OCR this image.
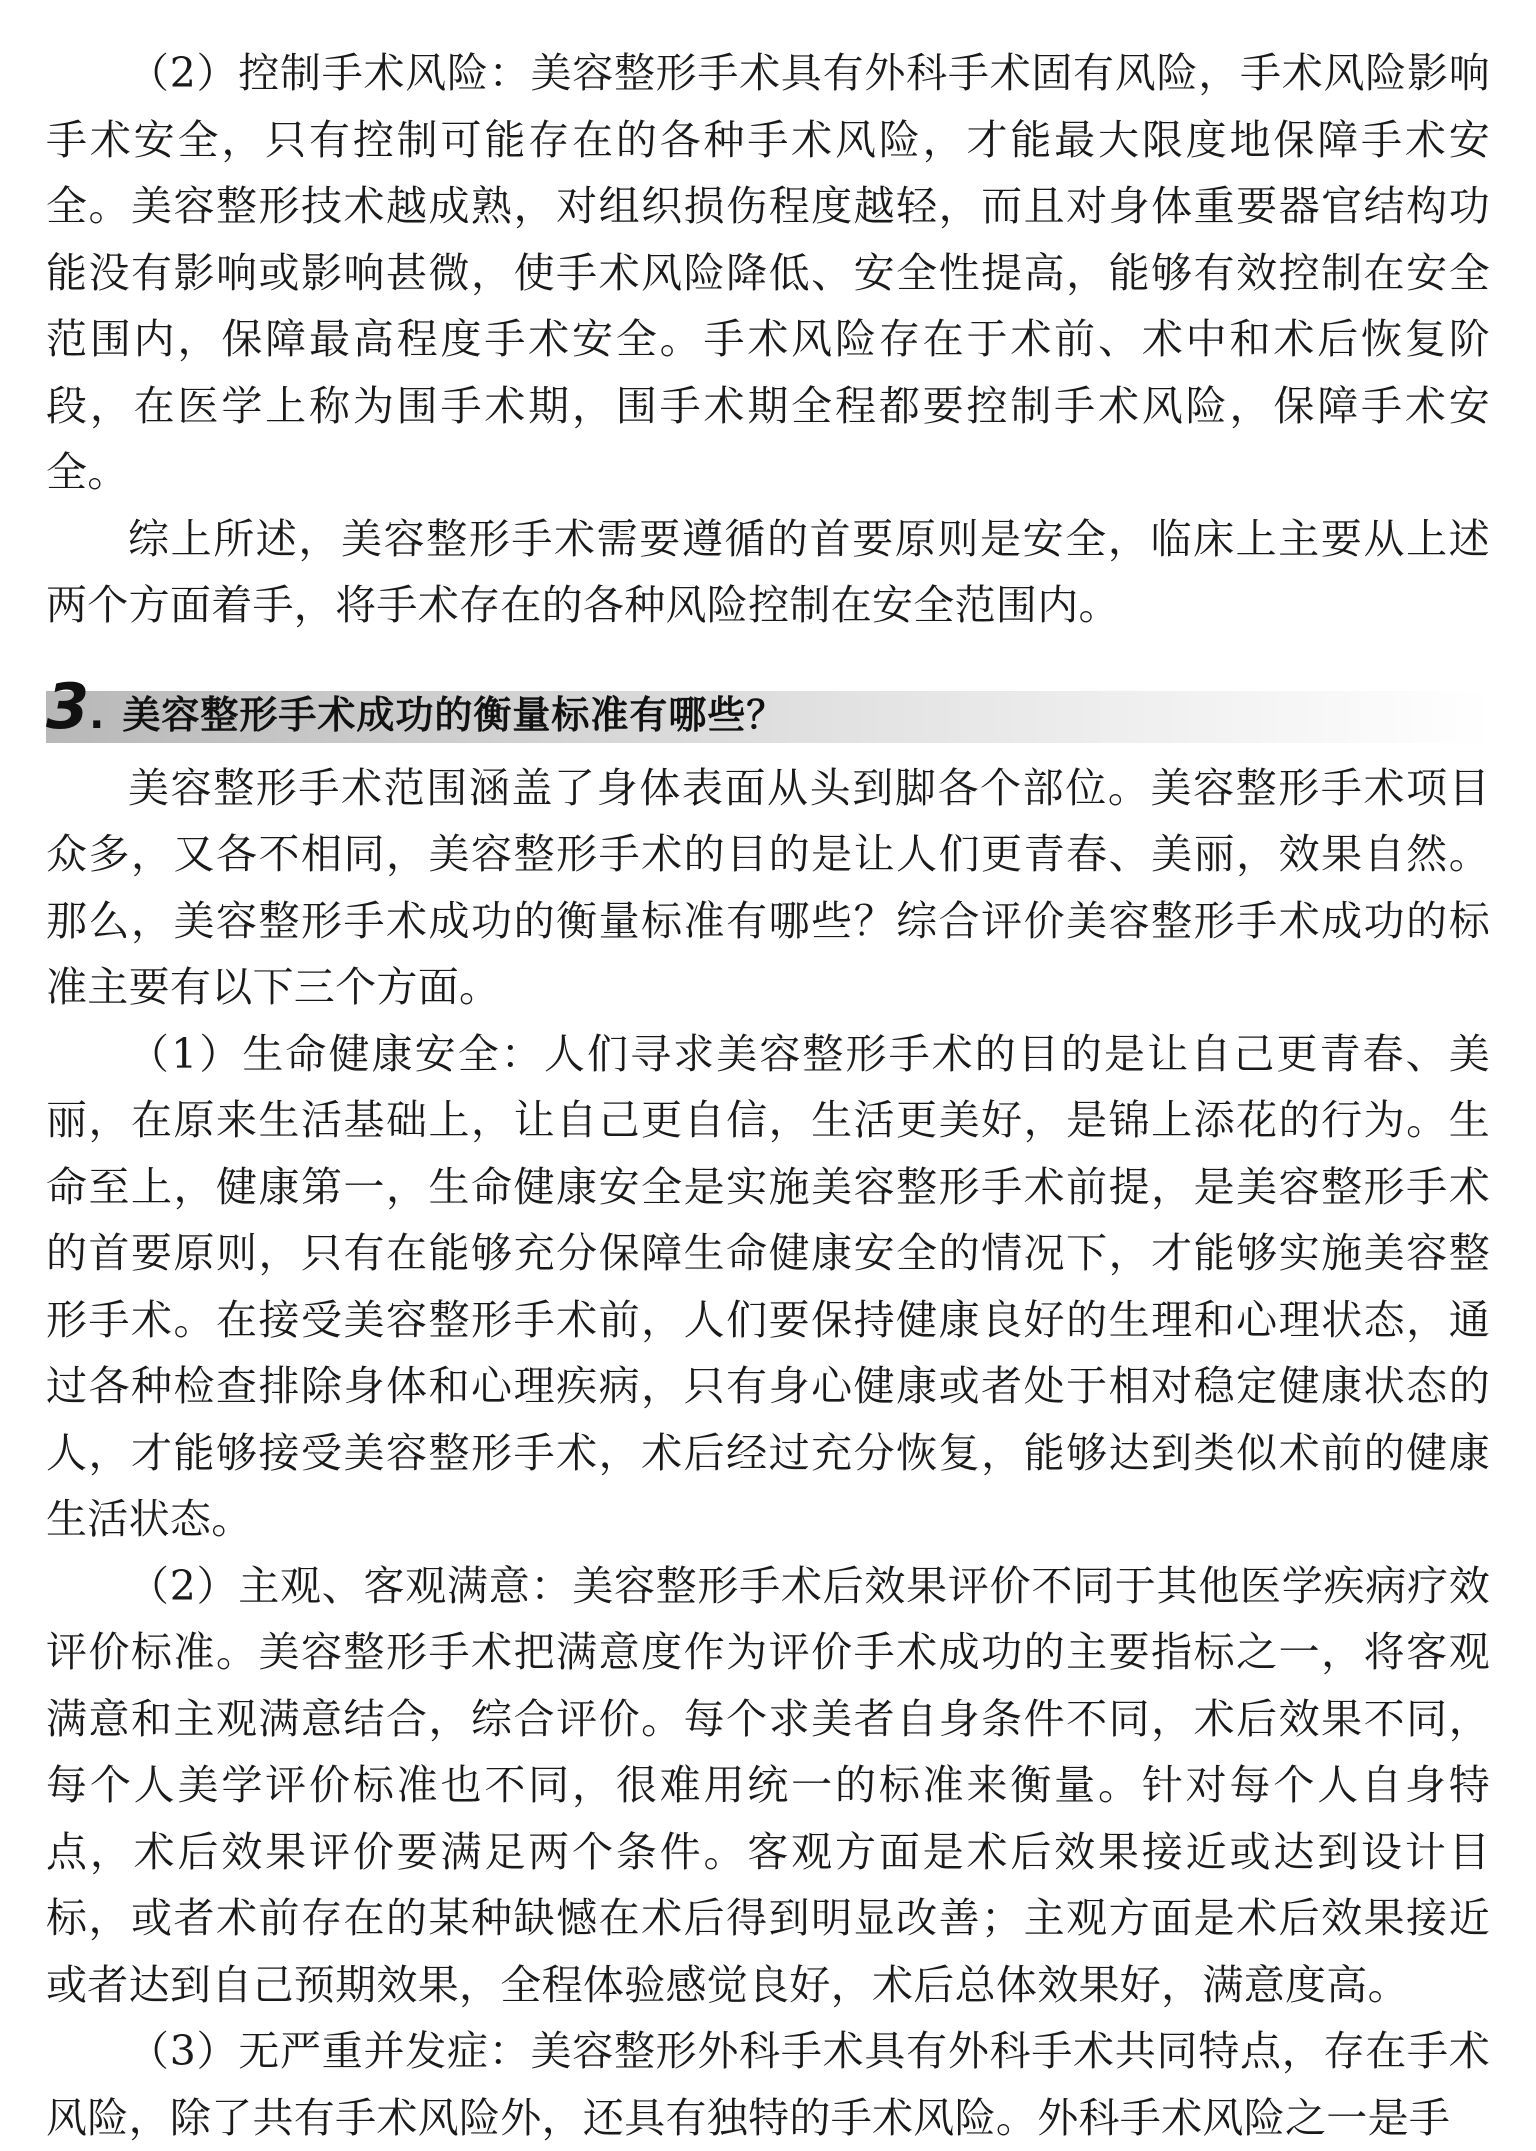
（2）控制手术风险：美容整形手术具有外科手术固有风险，手术风险影响手术安全，只有控制可能存在的各种手术风险，才能最大限度地保障手术安全。美容整形技术越成熟，对组织损伤程度越轻，而且对身体重要器官结构功能没有影响或影响甚微，使手术风险降低、安全性提高，能够有效控制在安全范围内，保障最高程度手术安全。手术风险存在于术前、术中和术后恢复阶段，在医学上称为围手术期，围手术期全程都要控制手术风险，保障手术安全。

综上所述，美容整形手术需要遵循的首要原则是安全，临床上主要从上述两个方面着手，将手术存在的各种风险控制在安全范围内。

3 . 美容整形手术成功的衡量标准有哪些？

美容整形手术范围涵盖了身体表面从头到脚各个部位。美容整形手术项目众多，又各不相同，美容整形手术的目的是让人们更青春、美丽，效果自然。那么，美容整形手术成功的衡量标准有哪些？综合评价美容整形手术成功的标准主要有以下三个方面。

（1）生命健康安全：人们寻求美容整形手术的目的是让自己更青春、美丽，在原来生活基础上，让自己更自信，生活更美好，是锦上添花的行为。生命至上，健康第一，生命健康安全是实施美容整形手术前提，是美容整形手术的首要原则，只有在能够充分保障生命健康安全的情况下，才能够实施美容整形手术。在接受美容整形手术前，人们要保持健康良好的生理和心理状态，通过各种检查排除身体和心理疾病，只有身心健康或者处于相对稳定健康状态的人，才能够接受美容整形手术，术后经过充分恢复，能够达到类似术前的健康生活状态。

（2）主观、客观满意：美容整形手术后效果评价不同于其他医学疾病疗效评价标准。美容整形手术把满意度作为评价手术成功的主要指标之一，将客观满意和主观满意结合，综合评价。每个求美者自身条件不同，术后效果不同，每个人美学评价标准也不同，很难用统一的标准来衡量。针对每个人自身特点，术后效果评价要满足两个条件。客观方面是术后效果接近或达到设计目标，或者术前存在的某种缺憾在术后得到明显改善；主观方面是术后效果接近或者达到自己预期效果，全程体验感觉良好，术后总体效果好，满意度高。

（3）无严重并发症：美容整形外科手术具有外科手术共同特点，存在手术风险，除了共有手术风险外，还具有独特的手术风险。外科手术风险之一是手
